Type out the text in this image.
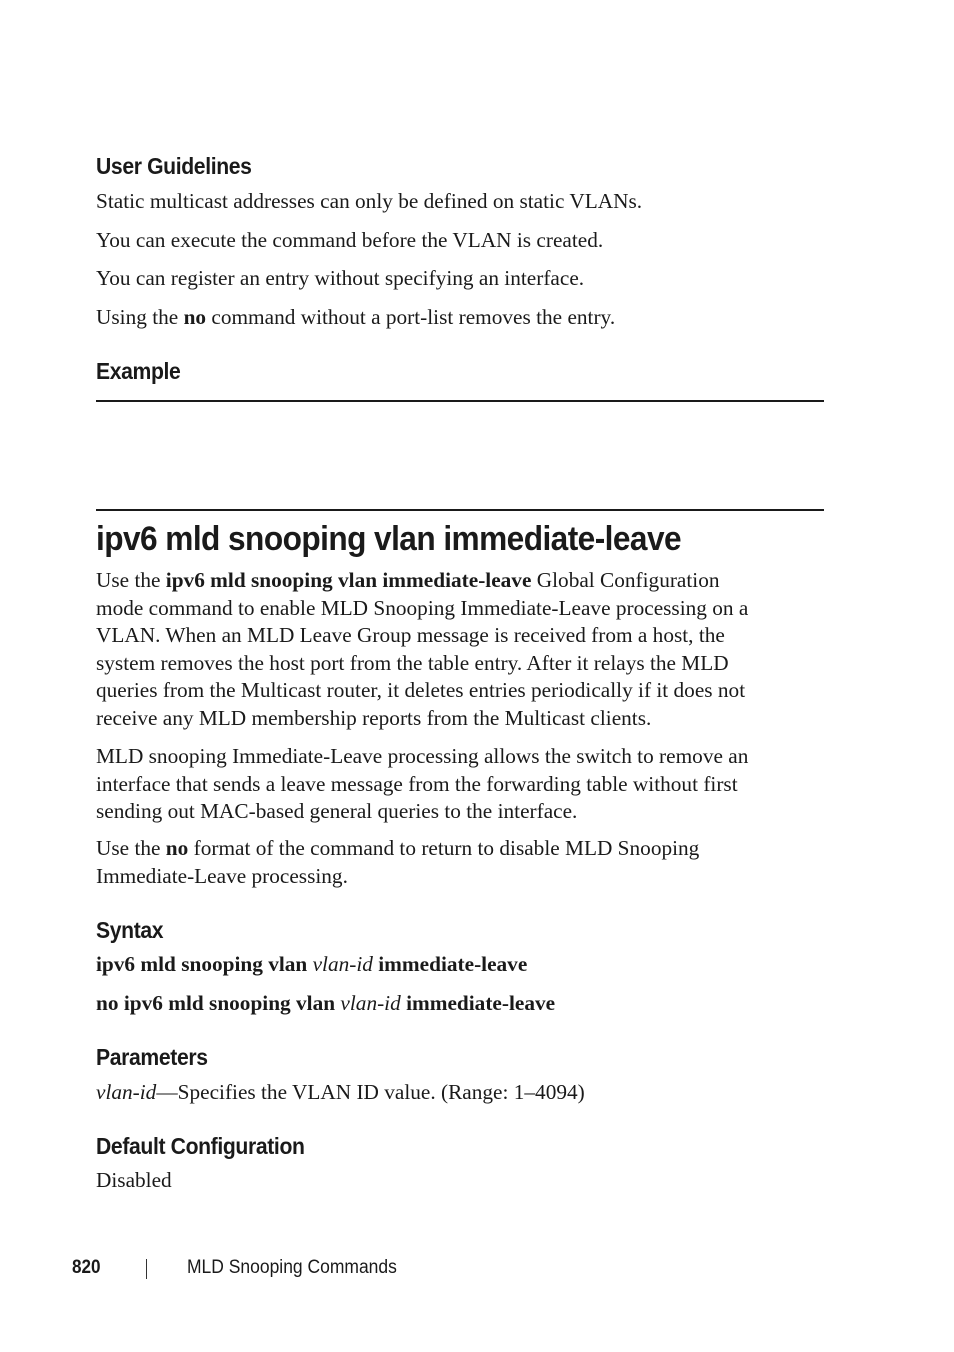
User Guidelines

Static multicast addresses can only be defined on static VLANs.

You can execute the command before the VLAN is created.

You can register an entry without specifying an interface.

Using the no command without a port-list removes the entry.

Example
ipv6 mld snooping vlan immediate-leave
Use the ipv6 mld snooping vlan immediate-leave Global Configuration
mode command to enable MLD Snooping Immediate-Leave processing on a
VLAN. When an MLD Leave Group message is received from a host, the
system removes the host port from the table entry. After it relays the MLD
queries from the Multicast router, it deletes entries periodically if it does not
receive any MLD membership reports from the Multicast clients.
MLD snooping Immediate-Leave processing allows the switch to remove an
interface that sends a leave message from the forwarding table without first
sending out MAC-based general queries to the interface.
Use the no format of the command to return to disable MLD Snooping
Immediate-Leave processing.
Syntax

ipv6 mld snooping vlan vlan-id immediate-leave

no ipv6 mld snooping vlan vlan-id immediate-leave

Parameters

vlan-id—Specifies the VLAN ID value. (Range: 1–4094)

Default Configuration

Disabled

820	MLD Snooping Commands
